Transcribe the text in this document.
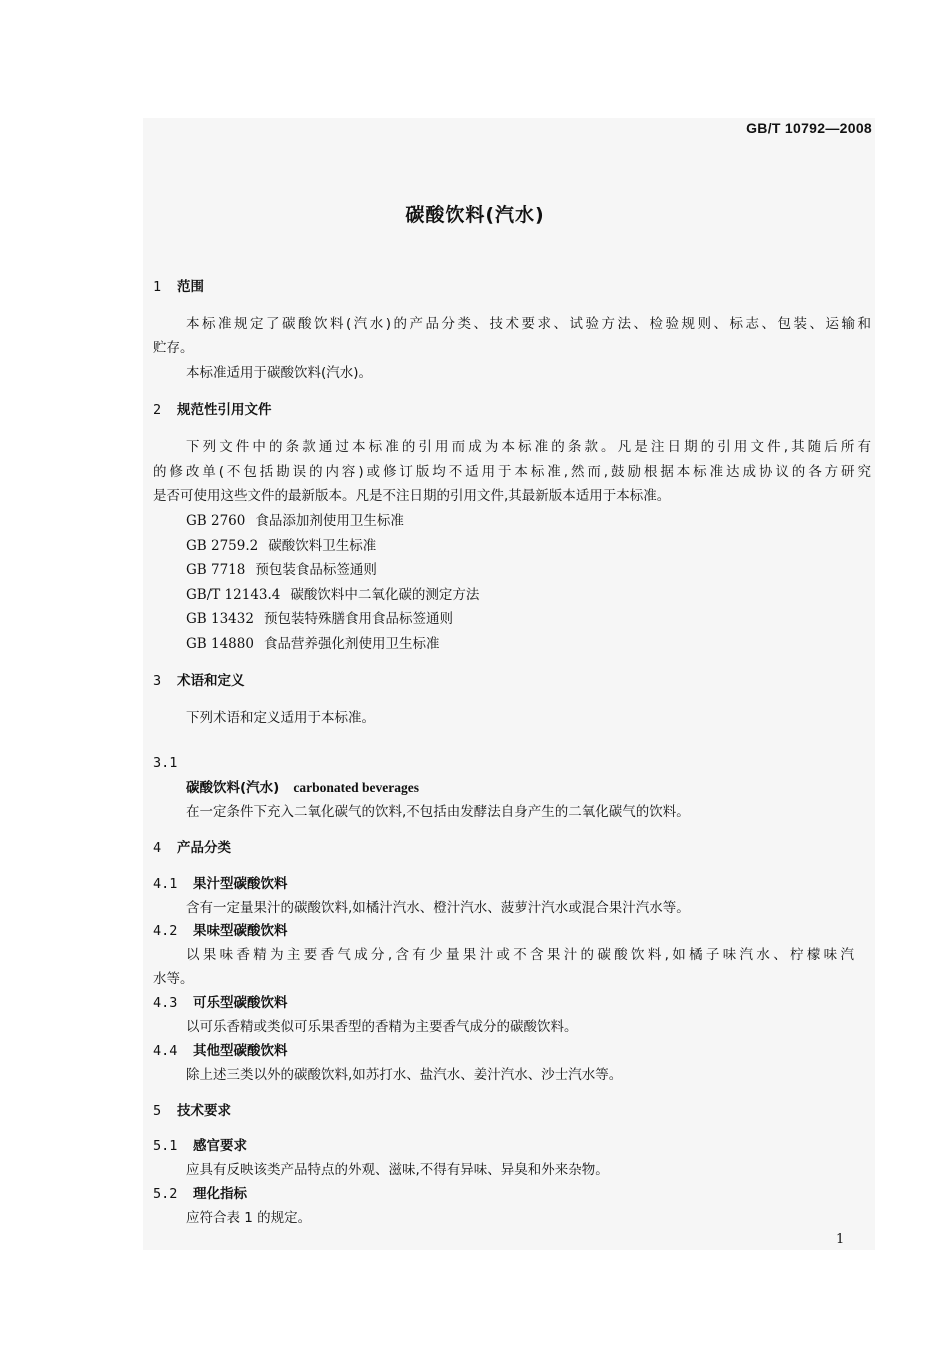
GB/T 10792—2008
碳酸饮料(汽水)
1 范围
本标准规定了碳酸饮料(汽水)的产品分类、技术要求、试验方法、检验规则、标志、包装、运输和
贮存。
本标准适用于碳酸饮料(汽水)。
2 规范性引用文件
下列文件中的条款通过本标准的引用而成为本标准的条款。凡是注日期的引用文件,其随后所有
的修改单(不包括勘误的内容)或修订版均不适用于本标准,然而,鼓励根据本标准达成协议的各方研究
是否可使用这些文件的最新版本。凡是不注日期的引用文件,其最新版本适用于本标准。
GB 2760 食品添加剂使用卫生标准
GB 2759.2 碳酸饮料卫生标准
GB 7718 预包装食品标签通则
GB/T 12143.4 碳酸饮料中二氧化碳的测定方法
GB 13432 预包装特殊膳食用食品标签通则
GB 14880 食品营养强化剂使用卫生标准
3 术语和定义
下列术语和定义适用于本标准。
3.1
碳酸饮料(汽水) carbonated beverages
在一定条件下充入二氧化碳气的饮料,不包括由发酵法自身产生的二氧化碳气的饮料。
4 产品分类
4.1 果汁型碳酸饮料
含有一定量果汁的碳酸饮料,如橘汁汽水、橙汁汽水、菠萝汁汽水或混合果汁汽水等。
4.2 果味型碳酸饮料
以果味香精为主要香气成分,含有少量果汁或不含果汁的碳酸饮料,如橘子味汽水、柠檬味汽
水等。
4.3 可乐型碳酸饮料
以可乐香精或类似可乐果香型的香精为主要香气成分的碳酸饮料。
4.4 其他型碳酸饮料
除上述三类以外的碳酸饮料,如苏打水、盐汽水、姜汁汽水、沙士汽水等。
5 技术要求
5.1 感官要求
应具有反映该类产品特点的外观、滋味,不得有异味、异臭和外来杂物。
5.2 理化指标
应符合表 1 的规定。
1
